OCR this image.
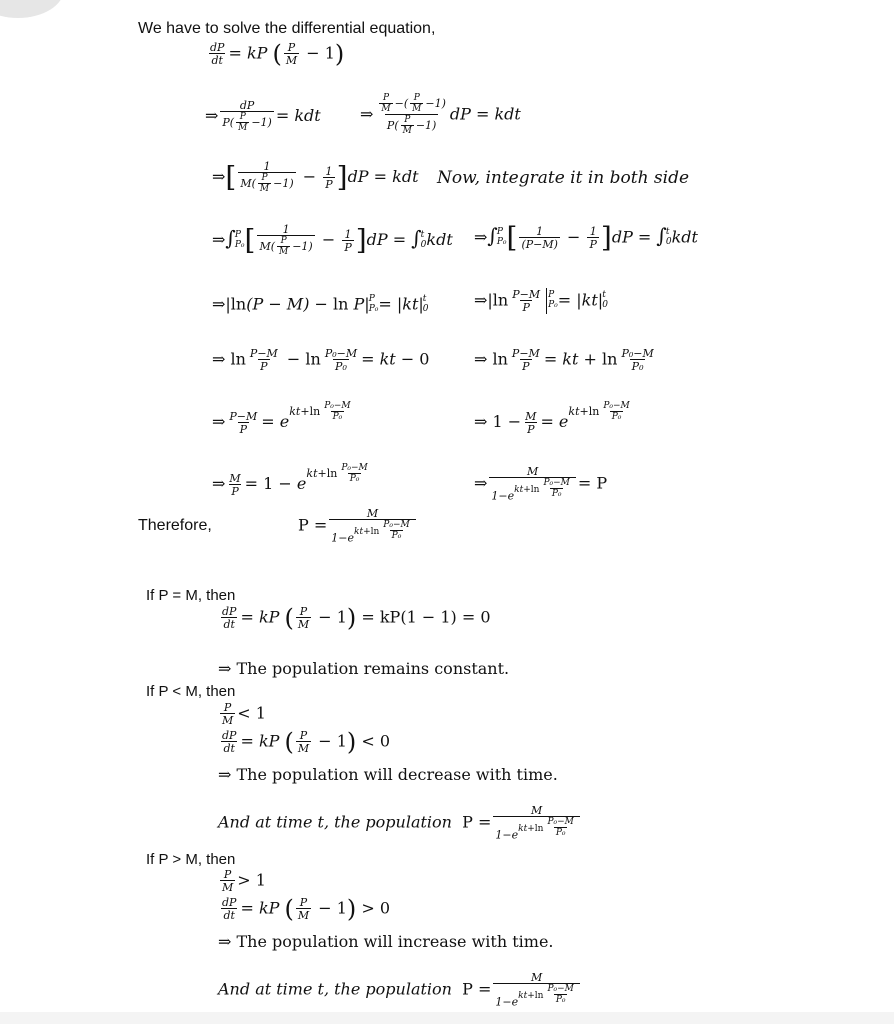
We have to solve the differential equation,
$\frac{dP}{dt}$ = kP ( $\frac{P}{M} - 1$)
⇒ $\frac{dP}{P( \frac{P}{M} -1)}$ = kdt ⇒ $\frac{\frac{P}{M} -( \frac{P}{M} -1)}{P( \frac{P}{M} -1)}$ dP = kdt
⇒[ $\frac{1}{M( \frac{P}{M} -1)} - \frac{1}{P} ]dP$ = kdt Now, integrate it in both side
⇒∫ P
P₀ [ $\frac{1}{M( \frac{P}{M} -1)} - \frac{1}{P} ]dP$ = ∫ t
0 kdt ⇒∫ P
P₀ [ $\frac{1}{(P-M)} - \frac{1}{P} ]dP$ = ∫ t
0 kdt
⇒|ln(P − M) − ln P| P
P₀ = |kt| t
0	⇒|ln $\frac{P-M}{P}$ P
P₀ = |kt| t
0
⇒ $\ln \frac{P-M}{P} - \ln \frac{\text{P₀−M}}{\text{P₀}}$ = kt − 0	⇒ $\ln \frac{P-M}{P}$ = kt + $\ln \frac{\text{P₀−M}}{\text{P₀}}$
⇒ $\frac{P-M}{P} = e^{kt+ln \frac{\text{P₀−M}}{\text{P₀}}}$	⇒ $1 - \frac{M}{P} = e^{kt+ln \frac{\text{P₀−M}}{\text{P₀}}}$
⇒ $\frac{M}{P} = 1 - e^{kt+ln \frac{\text{P₀−M}}{\text{P₀}}}$	⇒ M
$1-e^{kt+ln \frac{\text{P₀−M}}{\text{P₀}}} = P$
Therefore,	P = M
$1-e^{kt+ln \frac{\text{P₀−M}}{\text{P₀}}}$
If P = M, then
$\frac{dP}{dt}$ = kP ( $\frac{P}{M} - 1) = kP(1 - 1) = 0$
⇒ The population remains constant.
If P < M, then
$\frac{P}{M} < 1$
$\frac{dP}{dt}$ = kP ( $\frac{P}{M} - 1) < 0$
⇒ The population will decrease with time.
And at time t, the population  P = M
$1-e^{kt+ln \frac{\text{P₀−M}}{\text{P₀}}}$
If P > M, then
$\frac{P}{M} > 1$
$\frac{dP}{dt}$ = kP ( $\frac{P}{M} - 1) > 0$
⇒ The population will increase with time.
And at time t, the population  P = M
$1-e^{kt+ln \frac{\text{P₀−M}}{\text{P₀}}}$
